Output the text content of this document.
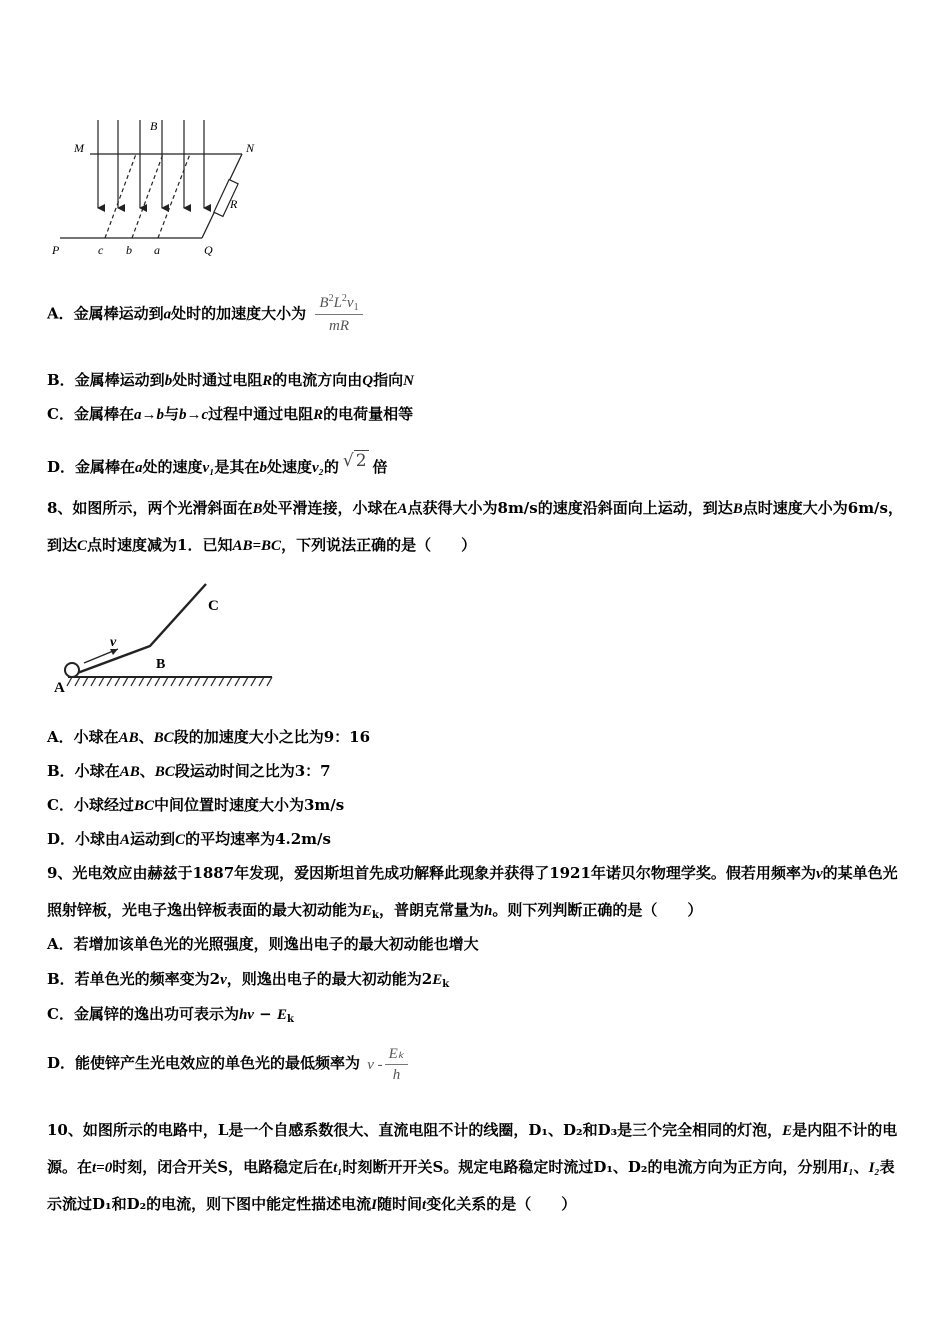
M
B
N
R
P	c b a	Q
A．金属棒运动到a处时的加速度大小为 $\frac{B^2L^2v_1}{mR}$
B．金属棒运动到b处时通过电阻R的电流方向由Q指向N
C．金属棒在a→b与b→c过程中通过电阻R的电荷量相等
D．金属棒在a处的速度v₁是其在b处速度v₂的 √ 2 倍
8、如图所示，两个光滑斜面在B处平滑连接，小球在A点获得大小为8m/s的速度沿斜面向上运动，到达B点时速度大小为6m/s，到达C点时速度减为1．已知AB=BC，下列说法正确的是（　　）
A
B
C
v
A．小球在AB、BC段的加速度大小之比为9：16
B．小球在AB、BC段运动时间之比为3：7
C．小球经过BC中间位置时速度大小为3m/s
D．小球由A运动到C的平均速率为4.2m/s
9、光电效应由赫兹于1887年发现，爱因斯坦首先成功解释此现象并获得了1921年诺贝尔物理学奖。假若用频率为ν的某单色光照射锌板，光电子逸出锌板表面的最大初动能为$E_k$，普朗克常量为h。则下列判断正确的是（　　）
A．若增加该单色光的光照强度，则逸出电子的最大初动能也增大
B．若单色光的频率变为2ν，则逸出电子的最大初动能为$2E_k$
C．金属锌的逸出功可表示为$h\nu - E_k$
D．能使锌产生光电效应的单色光的最低频率为 ν - $\frac{\text{Eₖ}}{h}$
10、如图所示的电路中，L是一个自感系数很大、直流电阻不计的线圈，D₁、D₂和D₃是三个完全相同的灯泡，E是内阻不计的电源。在t=0时刻，闭合开关S，电路稳定后在t₁时刻断开开关S。规定电路稳定时流过D₁、D₂的电流方向为正方向，分别用I₁、I₂表示流过D₁和D₂的电流，则下图中能定性描述电流I随时间t变化关系的是（　　）
